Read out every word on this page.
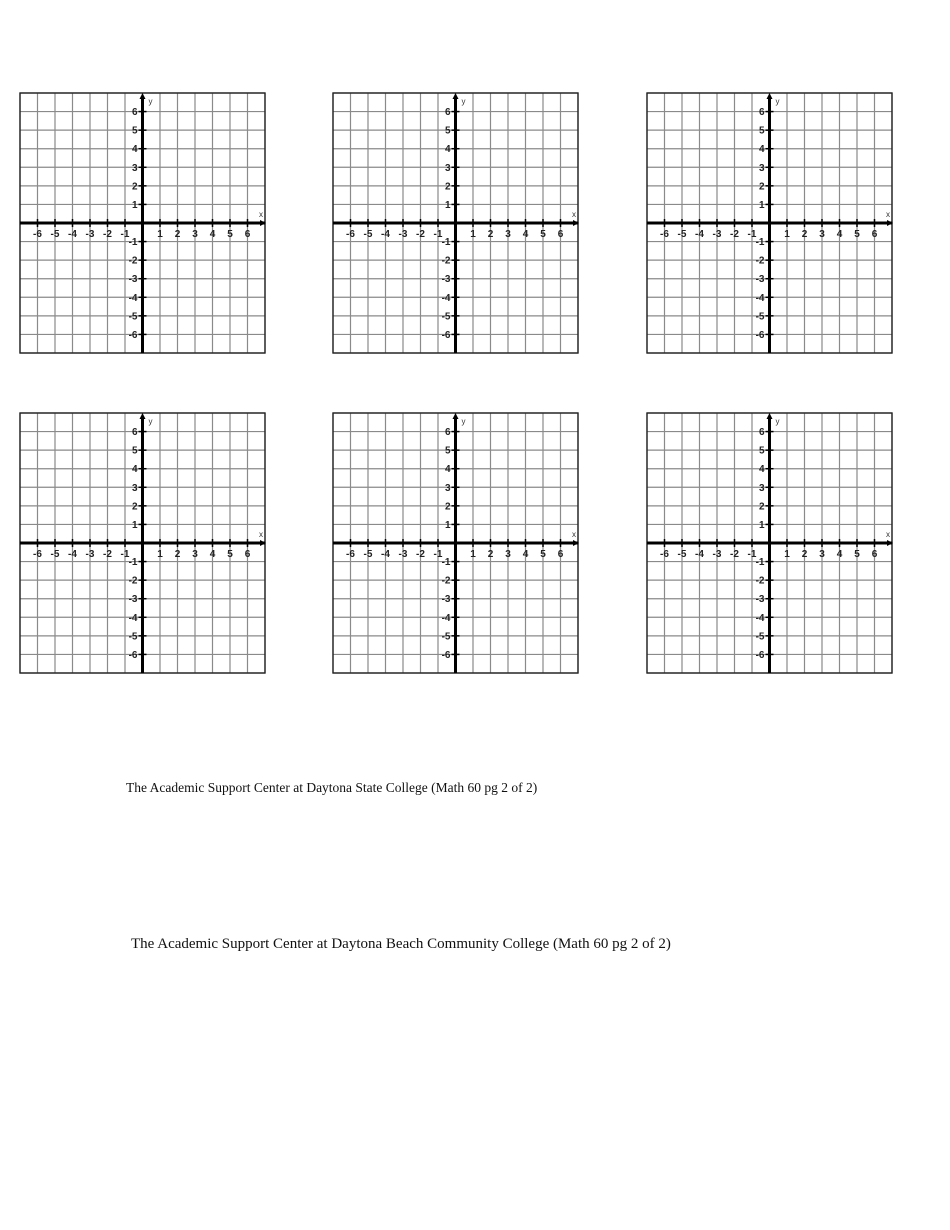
x
y
-6 -5 -4 -3 -2 -1	1 2 3 4 5 6
6
5
4
3
2
1
-1
-2
-3
-4
-5
-6
x
y
-6 -5 -4 -3 -2 -1	1 2 3 4 5 6
6
5
4
3
2
1
-1
-2
-3
-4
-5
-6
x
y
-6 -5 -4 -3 -2 -1	1 2 3 4 5 6
6
5
4
3
2
1
-1
-2
-3
-4
-5
-6
x
y
-6 -5 -4 -3 -2 -1	1 2 3 4 5 6
6
5
4
3
2
1
-1
-2
-3
-4
-5
-6
x
y
-6 -5 -4 -3 -2 -1	1 2 3 4 5 6
6
5
4
3
2
1
-1
-2
-3
-4
-5
-6
x
y
-6 -5 -4 -3 -2 -1	1 2 3 4 5 6
6
5
4
3
2
1
-1
-2
-3
-4
-5
-6
The Academic Support Center at Daytona State College (Math 60 pg 2 of 2)
The Academic Support Center at Daytona Beach Community College (Math 60 pg 2 of 2)
